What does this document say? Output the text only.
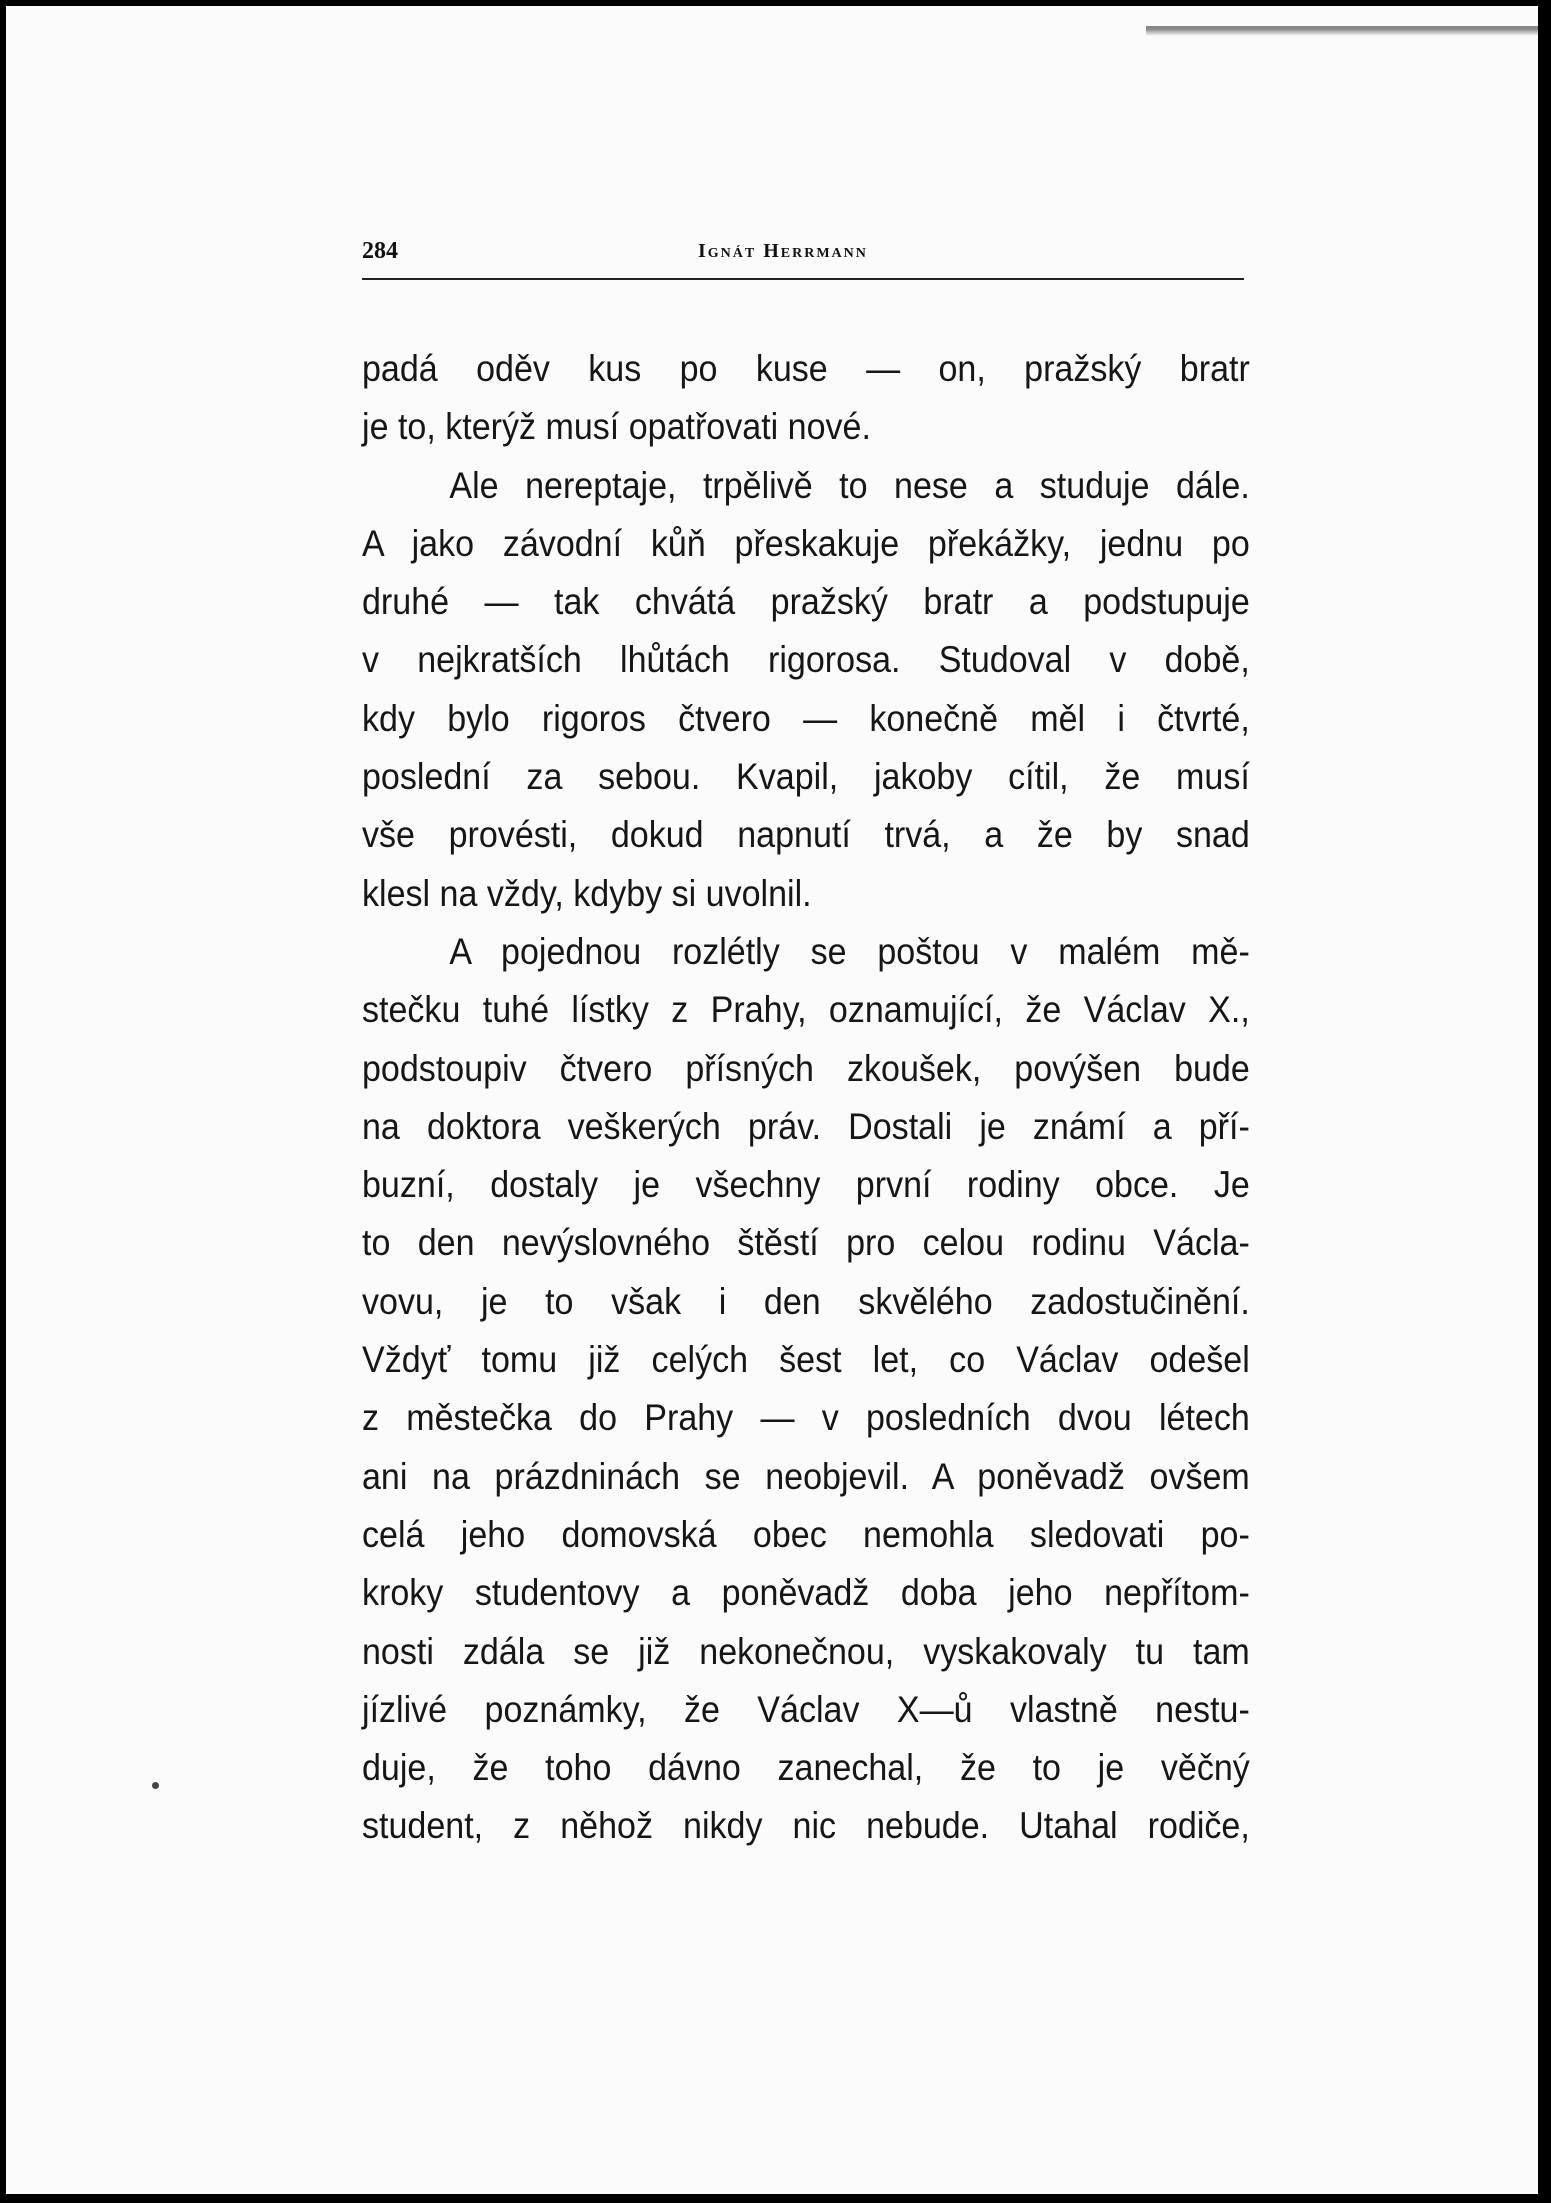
284	Ignát Herrmann
padá oděv kus po kuse — on, pražský bratr
je to, kterýž musí opatřovati nové.
Ale nereptaje, trpělivě to nese a studuje dále.
A jako závodní kůň přeskakuje překážky, jednu po
druhé — tak chvátá pražský bratr a podstupuje
v nejkratších lhůtách rigorosa. Studoval v době,
kdy bylo rigoros čtvero — konečně měl i čtvrté,
poslední za sebou. Kvapil, jakoby cítil, že musí
vše provésti, dokud napnutí trvá, a že by snad
klesl na vždy, kdyby si uvolnil.
A pojednou rozlétly se poštou v malém mě-
stečku tuhé lístky z Prahy, oznamující, že Václav X.,
podstoupiv čtvero přísných zkoušek, povýšen bude
na doktora veškerých práv. Dostali je známí a pří-
buzní, dostaly je všechny první rodiny obce. Je
to den nevýslovného štěstí pro celou rodinu Václa-
vovu, je to však i den skvělého zadostučinění.
Vždyť tomu již celých šest let, co Václav odešel
z městečka do Prahy — v posledních dvou létech
ani na prázdninách se neobjevil. A poněvadž ovšem
celá jeho domovská obec nemohla sledovati po-
kroky studentovy a poněvadž doba jeho nepřítom-
nosti zdála se již nekonečnou, vyskakovaly tu tam
jízlivé poznámky, že Václav X—ů vlastně nestu-
duje, že toho dávno zanechal, že to je věčný
student, z něhož nikdy nic nebude. Utahal rodiče,
